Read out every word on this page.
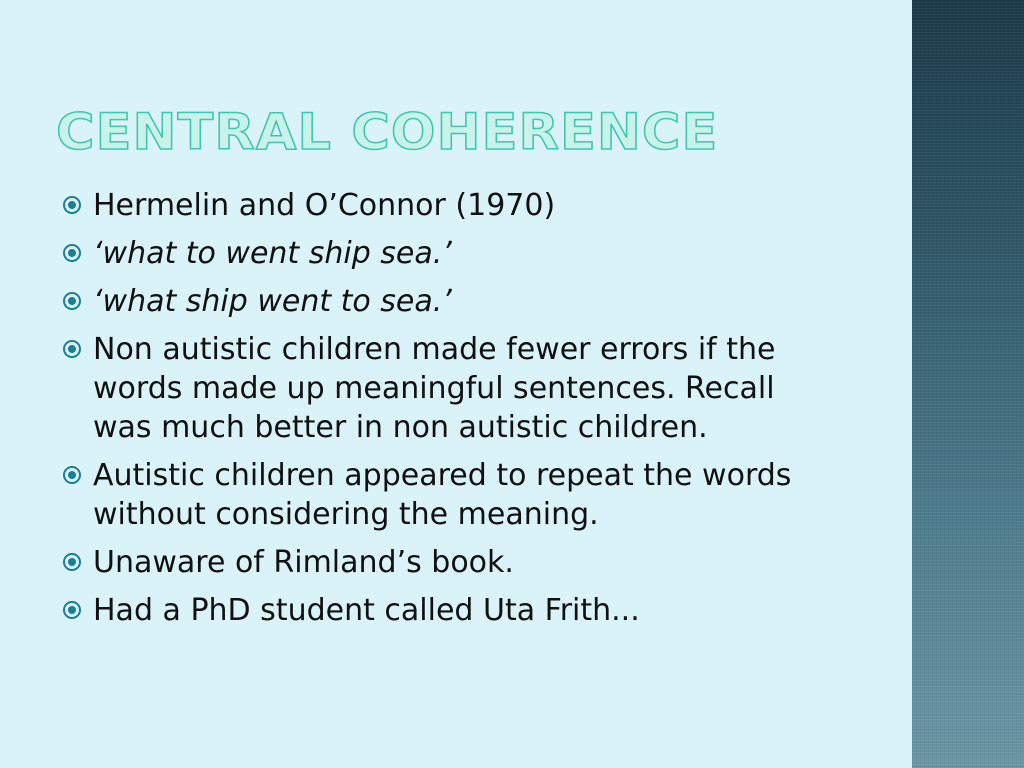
CENTRAL COHERENCE
Hermelin and O’Connor (1970)
‘what to went ship sea.’
‘what ship went to sea.’
Non autistic children made fewer errors if the words made up meaningful sentences. Recall was much better in non autistic children.
Autistic children appeared to repeat the words without considering the meaning.
Unaware of Rimland’s book.
Had a PhD student called Uta Frith...
